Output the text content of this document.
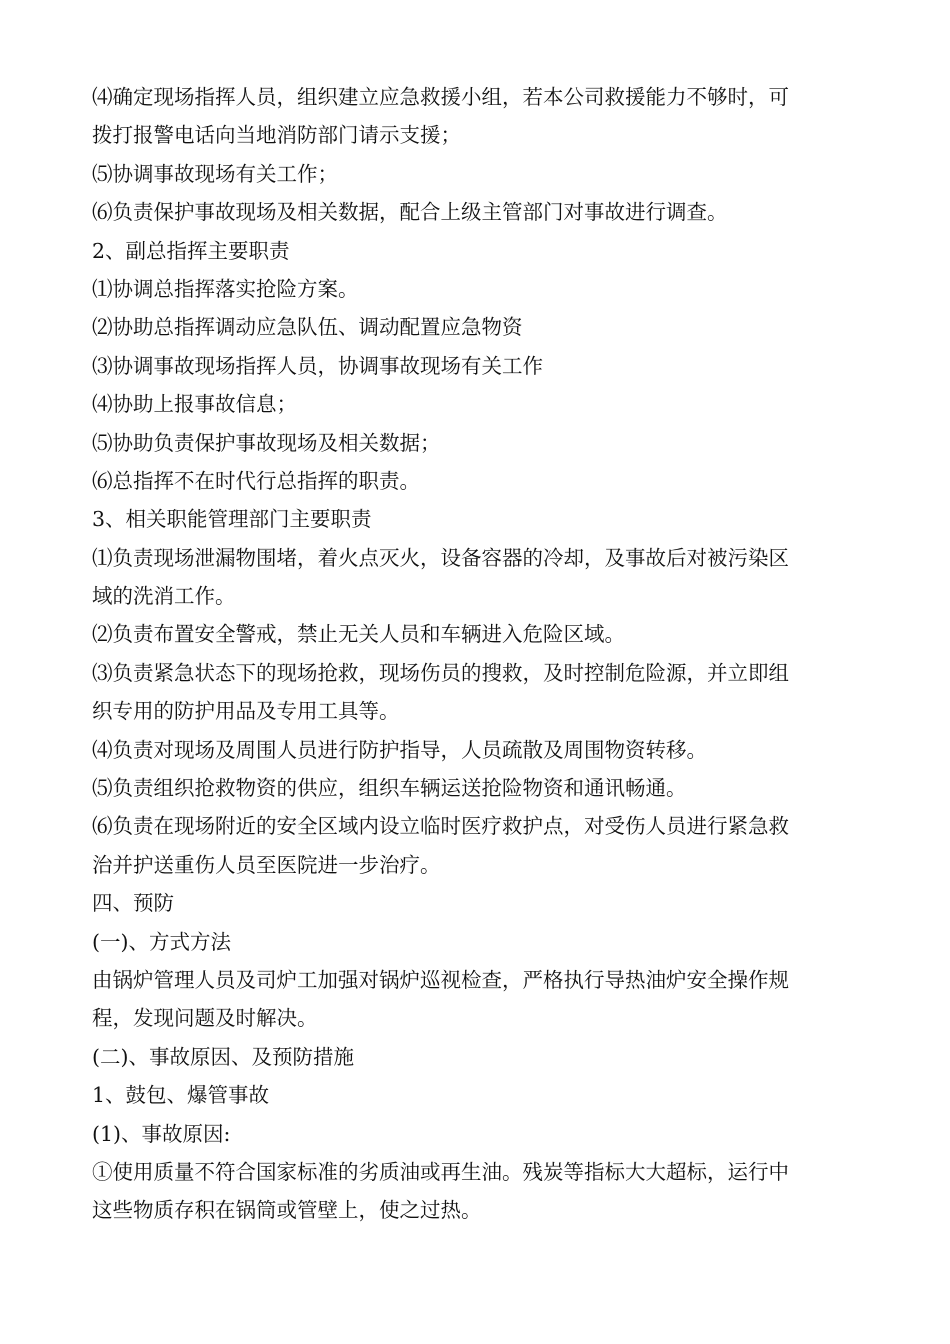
⑷确定现场指挥人员，组织建立应急救援小组，若本公司救援能力不够时，可
拨打报警电话向当地消防部门请示支援；
⑸协调事故现场有关工作；
⑹负责保护事故现场及相关数据，配合上级主管部门对事故进行调查。
2、副总指挥主要职责
⑴协调总指挥落实抢险方案。
⑵协助总指挥调动应急队伍、调动配置应急物资
⑶协调事故现场指挥人员，协调事故现场有关工作
⑷协助上报事故信息；
⑸协助负责保护事故现场及相关数据；
⑹总指挥不在时代行总指挥的职责。
3、相关职能管理部门主要职责
⑴负责现场泄漏物围堵，着火点灭火，设备容器的冷却，及事故后对被污染区
域的洗消工作。
⑵负责布置安全警戒，禁止无关人员和车辆进入危险区域。
⑶负责紧急状态下的现场抢救，现场伤员的搜救，及时控制危险源，并立即组
织专用的防护用品及专用工具等。
⑷负责对现场及周围人员进行防护指导，人员疏散及周围物资转移。
⑸负责组织抢救物资的供应，组织车辆运送抢险物资和通讯畅通。
⑹负责在现场附近的安全区域内设立临时医疗救护点，对受伤人员进行紧急救
治并护送重伤人员至医院进一步治疗。
四、预防
(一)、方式方法
由锅炉管理人员及司炉工加强对锅炉巡视检查，严格执行导热油炉安全操作规
程，发现问题及时解决。
(二)、事故原因、及预防措施
1、鼓包、爆管事故
(1)、事故原因:
①使用质量不符合国家标准的劣质油或再生油。残炭等指标大大超标，运行中
这些物质存积在锅筒或管壁上，使之过热。
